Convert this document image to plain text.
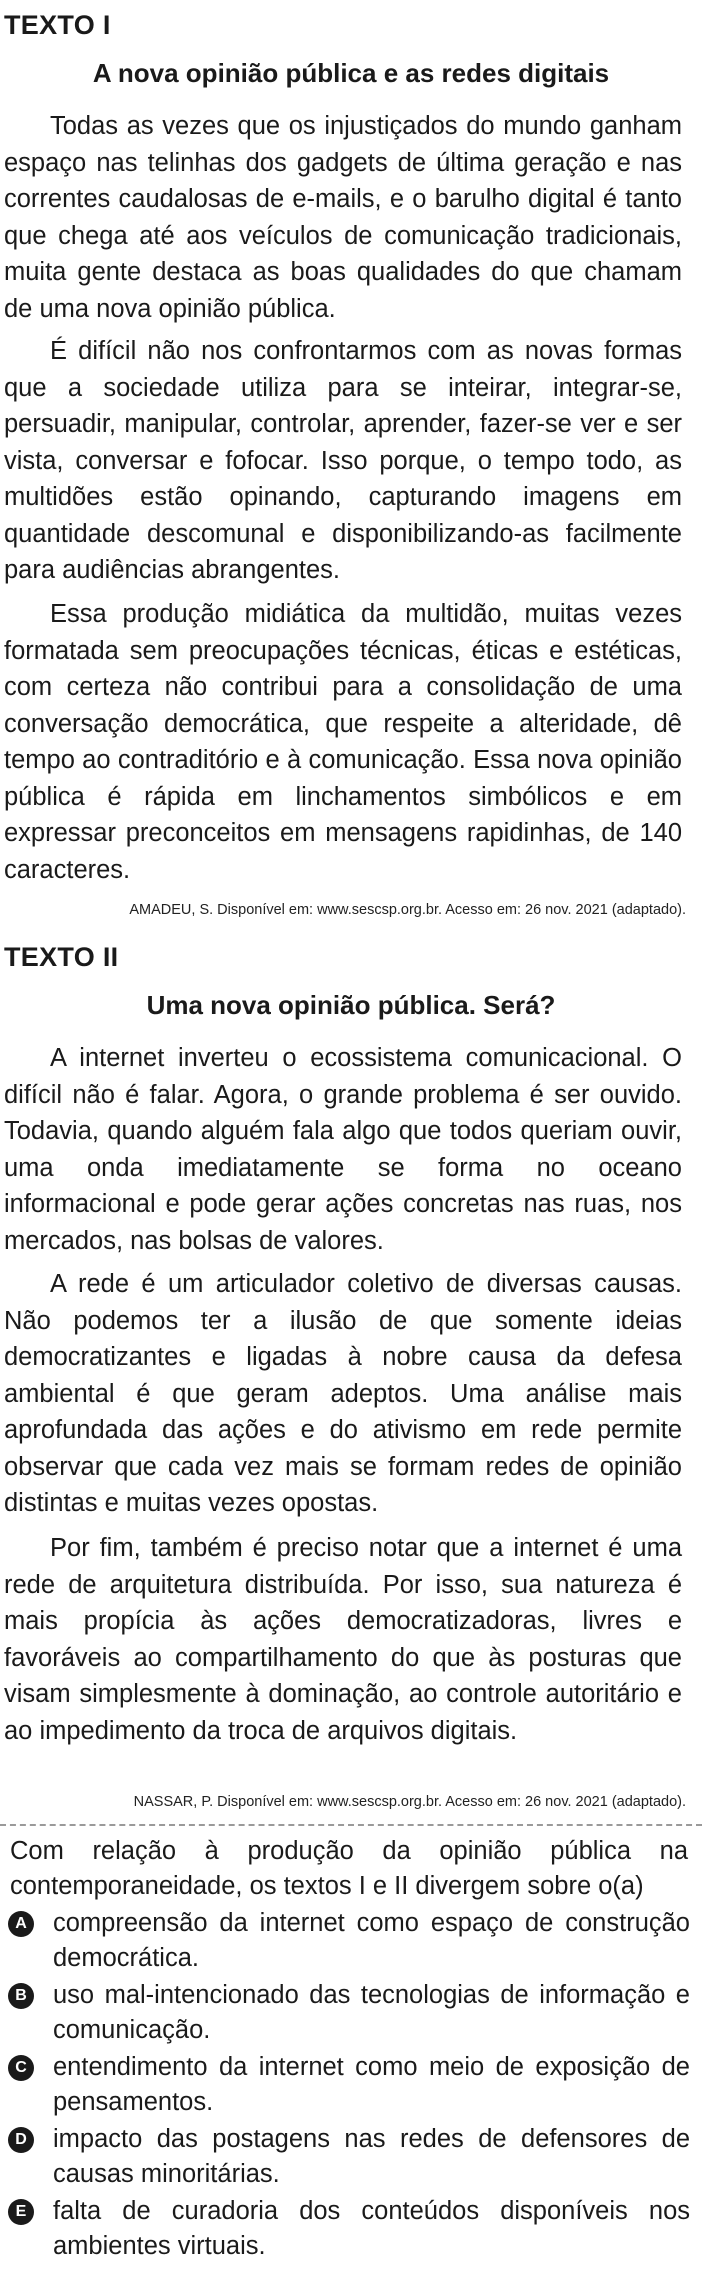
TEXTO I
A nova opinião pública e as redes digitais

Todas as vezes que os injustiçados do mundo ganham espaço nas telinhas dos gadgets de última geração e nas correntes caudalosas de e-mails, e o barulho digital é tanto que chega até aos veículos de comunicação tradicionais, muita gente destaca as boas qualidades do que chamam de uma nova opinião pública.

É difícil não nos confrontarmos com as novas formas que a sociedade utiliza para se inteirar, integrar-se, persuadir, manipular, controlar, aprender, fazer-se ver e ser vista, conversar e fofocar. Isso porque, o tempo todo, as multidões estão opinando, capturando imagens em quantidade descomunal e disponibilizando-as facilmente para audiências abrangentes.

Essa produção midiática da multidão, muitas vezes formatada sem preocupações técnicas, éticas e estéticas, com certeza não contribui para a consolidação de uma conversação democrática, que respeite a alteridade, dê tempo ao contraditório e à comunicação. Essa nova opinião pública é rápida em linchamentos simbólicos e em expressar preconceitos em mensagens rapidinhas, de 140 caracteres.

AMADEU, S. Disponível em: www.sescsp.org.br. Acesso em: 26 nov. 2021 (adaptado).
TEXTO II
Uma nova opinião pública. Será?

A internet inverteu o ecossistema comunicacional. O difícil não é falar. Agora, o grande problema é ser ouvido. Todavia, quando alguém fala algo que todos queriam ouvir, uma onda imediatamente se forma no oceano informacional e pode gerar ações concretas nas ruas, nos mercados, nas bolsas de valores.

A rede é um articulador coletivo de diversas causas. Não podemos ter a ilusão de que somente ideias democratizantes e ligadas à nobre causa da defesa ambiental é que geram adeptos. Uma análise mais aprofundada das ações e do ativismo em rede permite observar que cada vez mais se formam redes de opinião distintas e muitas vezes opostas.

Por fim, também é preciso notar que a internet é uma rede de arquitetura distribuída. Por isso, sua natureza é mais propícia às ações democratizadoras, livres e favoráveis ao compartilhamento do que às posturas que visam simplesmente à dominação, ao controle autoritário e ao impedimento da troca de arquivos digitais.

NASSAR, P. Disponível em: www.sescsp.org.br. Acesso em: 26 nov. 2021 (adaptado).

Com relação à produção da opinião pública na contemporaneidade, os textos I e II divergem sobre o(a)

A compreensão da internet como espaço de construção democrática.
B uso mal-intencionado das tecnologias de informação e comunicação.
C entendimento da internet como meio de exposição de pensamentos.
D impacto das postagens nas redes de defensores de causas minoritárias.
E	falta de curadoria dos conteúdos disponíveis nos ambientes virtuais.
